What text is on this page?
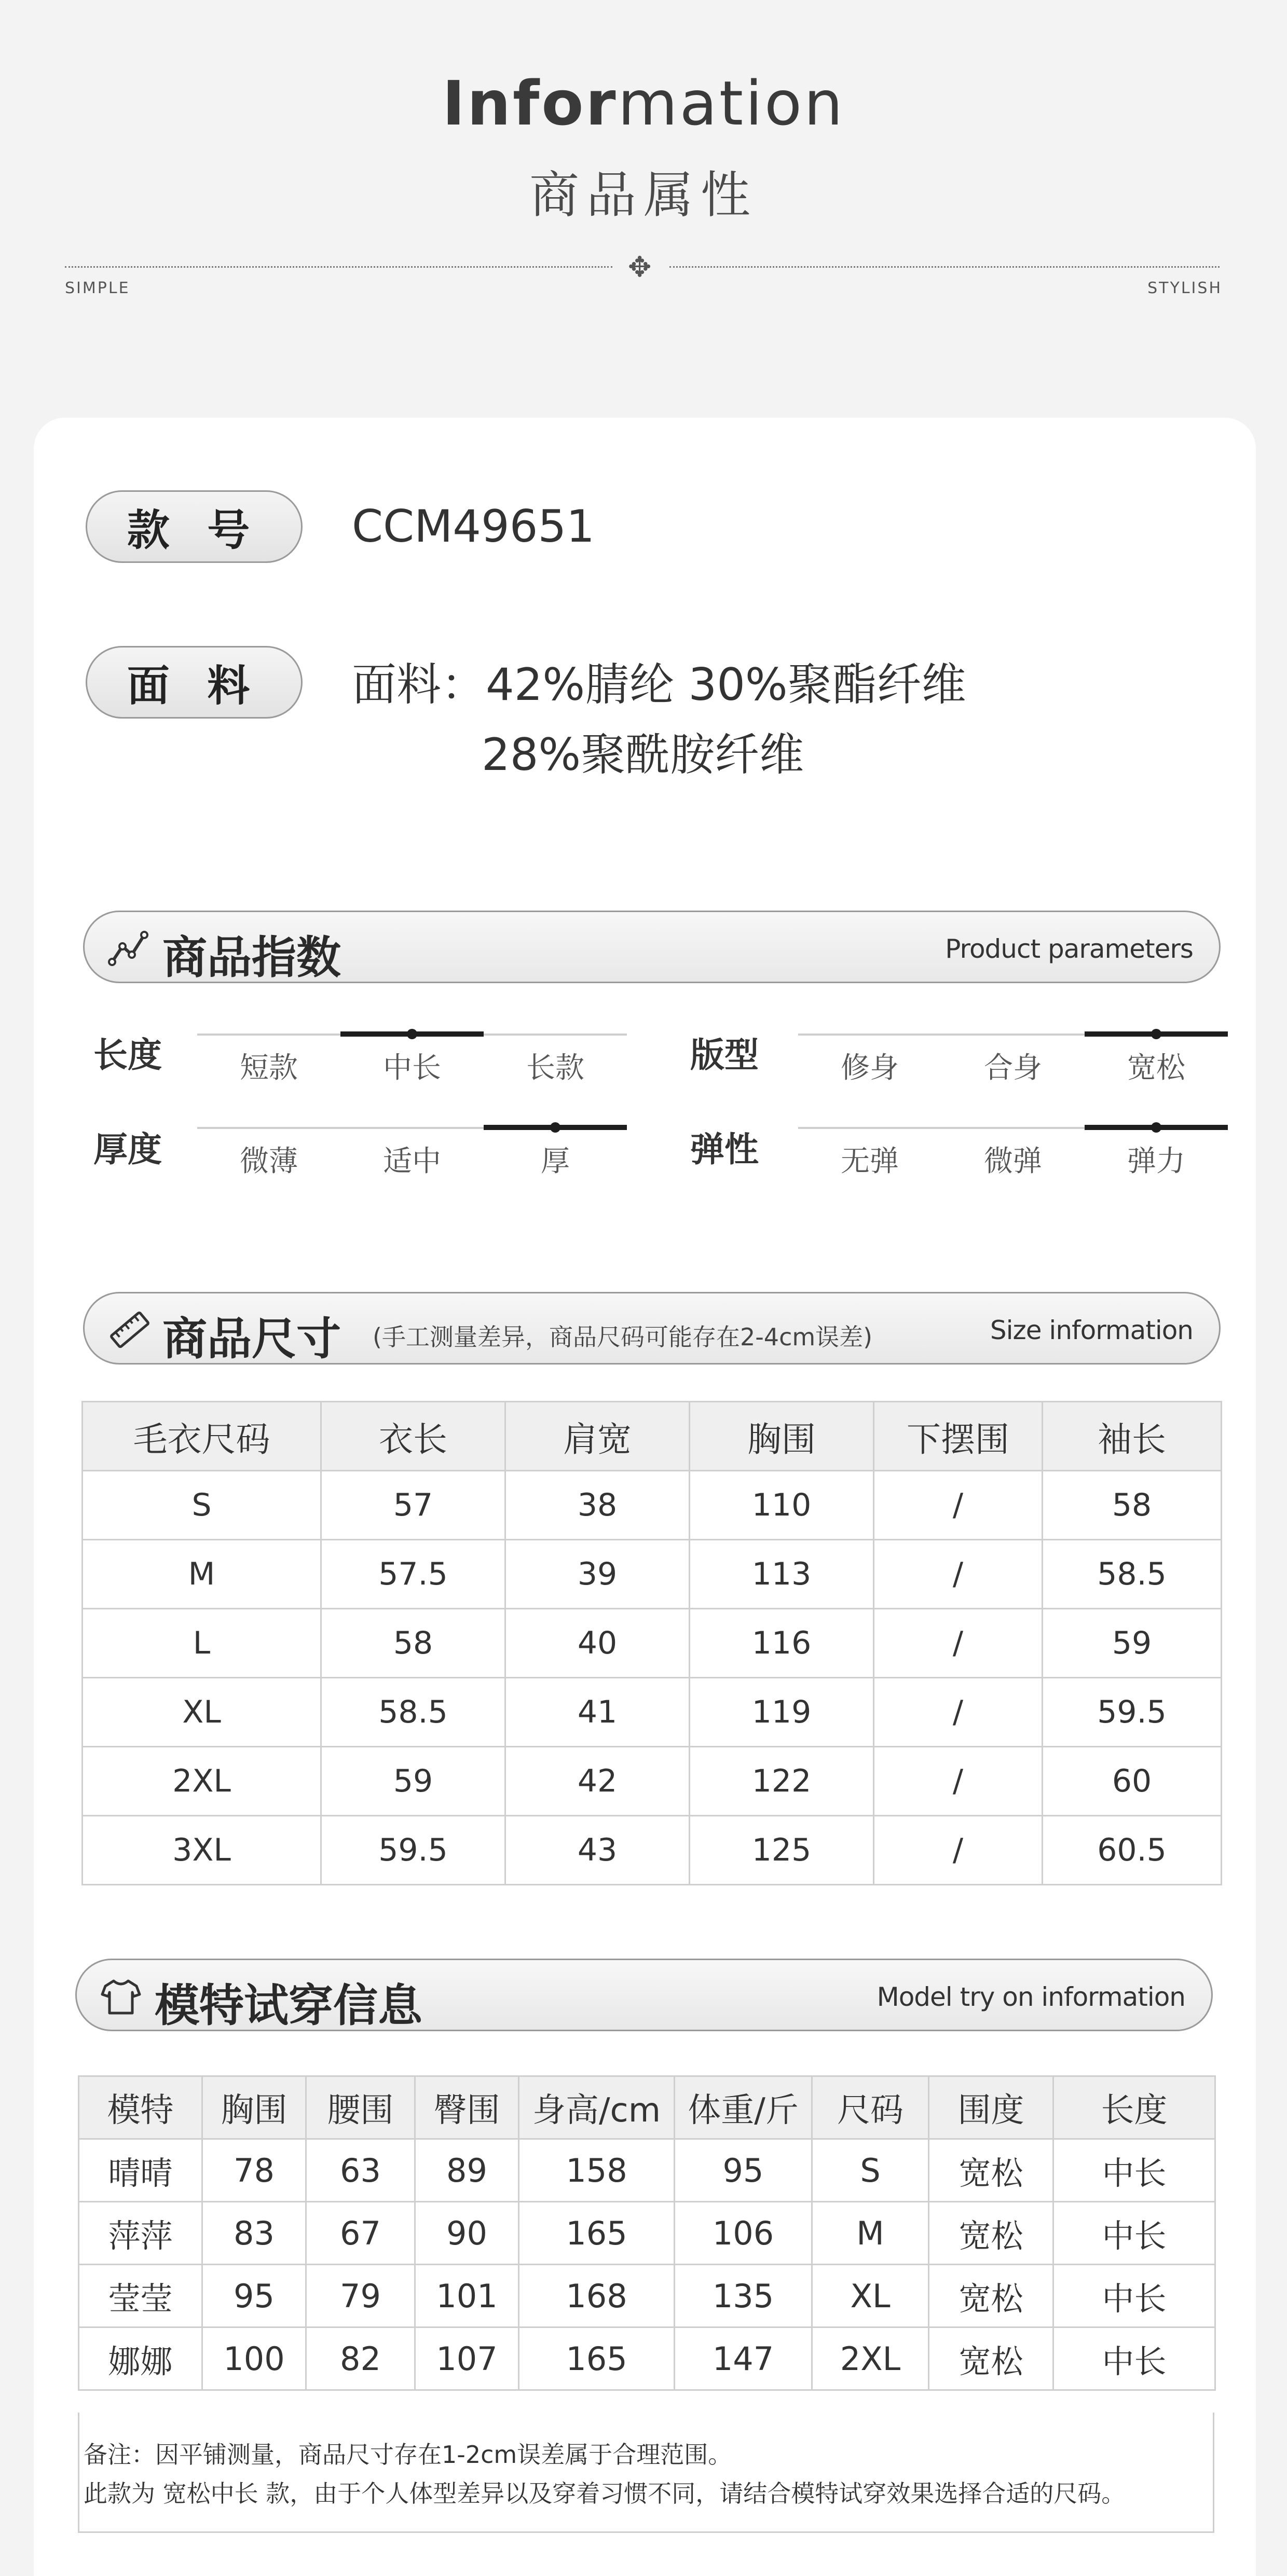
Information
商品属性
✥
SIMPLE	STYLISH
款 号	CCM49651
面 料	面料：42%腈纶 30%聚酯纤维
28%聚酰胺纤维
商品指数	Product parameters
长度	短款	中长	长款	版型	修身	合身	宽松
厚度	微薄	适中	厚	弹性	无弹	微弹	弹力
商品尺寸 (手工测量差异，商品尺码可能存在2-4cm误差)	Size information
毛衣尺码	衣长	肩宽	胸围	下摆围	袖长
S	57	38	110	/	58
M	57.5	39	113	/	58.5
L	58	40	116	/	59
XL	58.5	41	119	/	59.5
2XL	59	42	122	/	60
3XL	59.5	43	125	/	60.5
模特试穿信息	Model try on information
模特	胸围	腰围	臀围	身高/cm	体重/斤	尺码	围度	长度
晴晴	78	63	89	158	95	S	宽松	中长
萍萍	83	67	90	165	106	M	宽松	中长
莹莹	95	79	101	168	135	XL	宽松	中长
娜娜	100	82	107	165	147	2XL	宽松	中长
备注：因平铺测量，商品尺寸存在1-2cm误差属于合理范围。
此款为 宽松中长 款，由于个人体型差异以及穿着习惯不同，请结合模特试穿效果选择合适的尺码。
